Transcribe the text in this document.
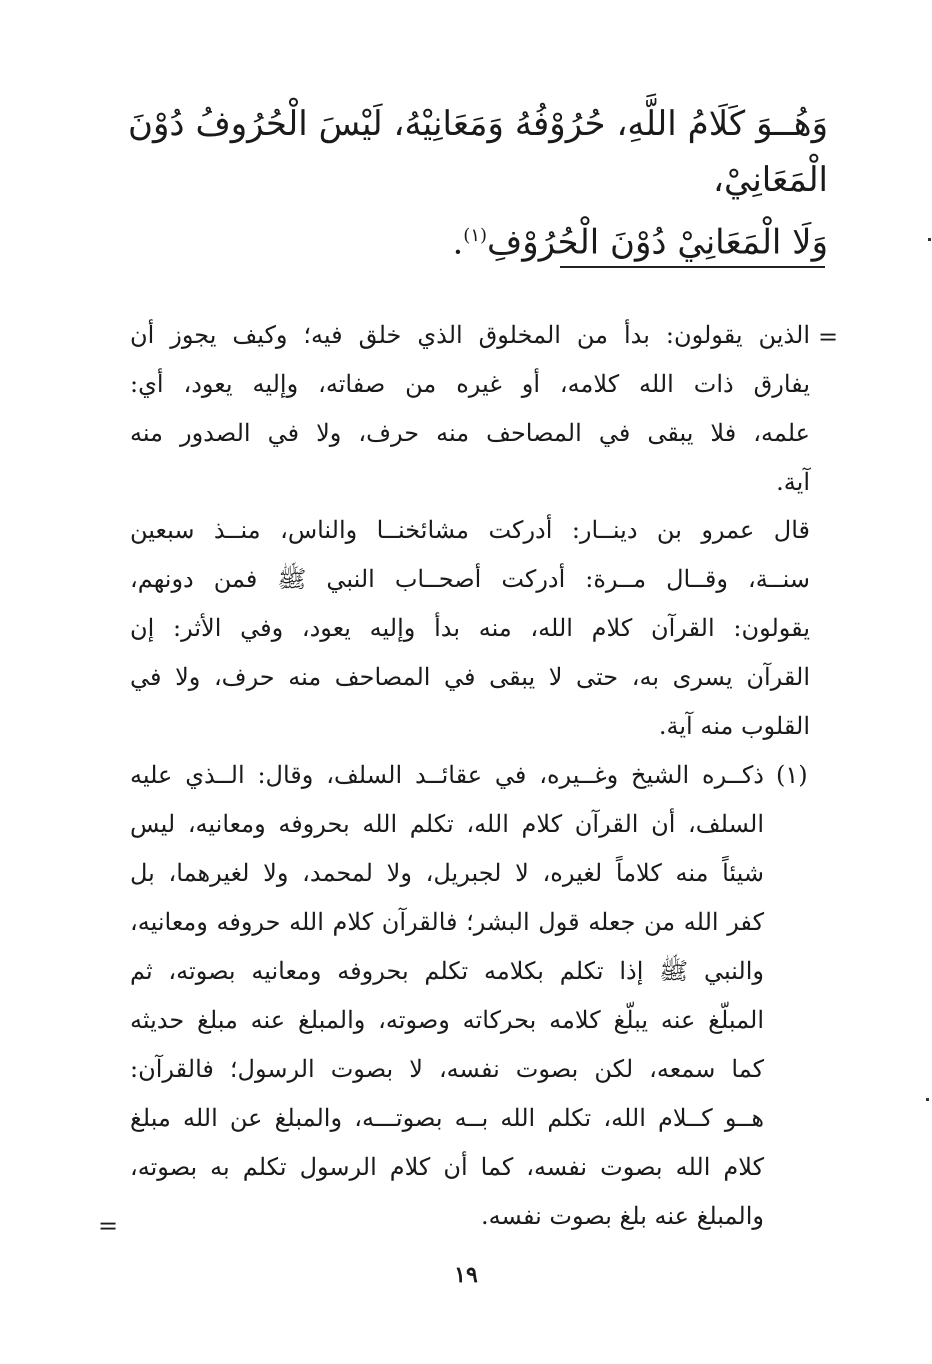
وَهُــوَ كَلَامُ اللَّهِ، حُرُوْفُهُ وَمَعَانِيْهُ، لَيْسَ الْحُرُوفُ دُوْنَ الْمَعَانِيْ،
وَلَا الْمَعَانِيْ دُوْنَ الْحُرُوْفِ$^{(١)}$.
=
الذين يقولون: بدأ من المخلوق الذي خلق فيه؛ وكيف يجوز أن
يفارق ذات الله كلامه، أو غيره من صفاته، وإليه يعود، أي:
علمه، فلا يبقى في المصاحف منه حرف، ولا في الصدور منه
آية.
قال عمرو بن دينــار: أدركت مشائخنــا والناس، منــذ سبعين
سنــة، وقــال مــرة: أدركت أصحــاب النبي ﷺ فمن دونهم،
يقولون: القرآن كلام الله، منه بدأ وإليه يعود، وفي الأثر: إن
القرآن يسرى به، حتى لا يبقى في المصاحف منه حرف، ولا في
القلوب منه آية.
(١)
ذكــره الشيخ وغــيره، في عقائــد السلف، وقال: الــذي عليه
السلف، أن القرآن كلام الله، تكلم الله بحروفه ومعانيه، ليس
شيئاً منه كلاماً لغيره، لا لجبريل، ولا لمحمد، ولا لغيرهما، بل
كفر الله من جعله قول البشر؛ فالقرآن كلام الله حروفه ومعانيه،
والنبي ﷺ إذا تكلم بكلامه تكلم بحروفه ومعانيه بصوته، ثم
المبلّغ عنه يبلّغ كلامه بحركاته وصوته، والمبلغ عنه مبلغ حديثه
كما سمعه، لكن بصوت نفسه، لا بصوت الرسول؛ فالقرآن:
هــو كــلام الله، تكلم الله بــه بصوتـــه، والمبلغ عن الله مبلغ
كلام الله بصوت نفسه، كما أن كلام الرسول تكلم به بصوته،
والمبلغ عنه بلغ بصوت نفسه.
=
١٩
